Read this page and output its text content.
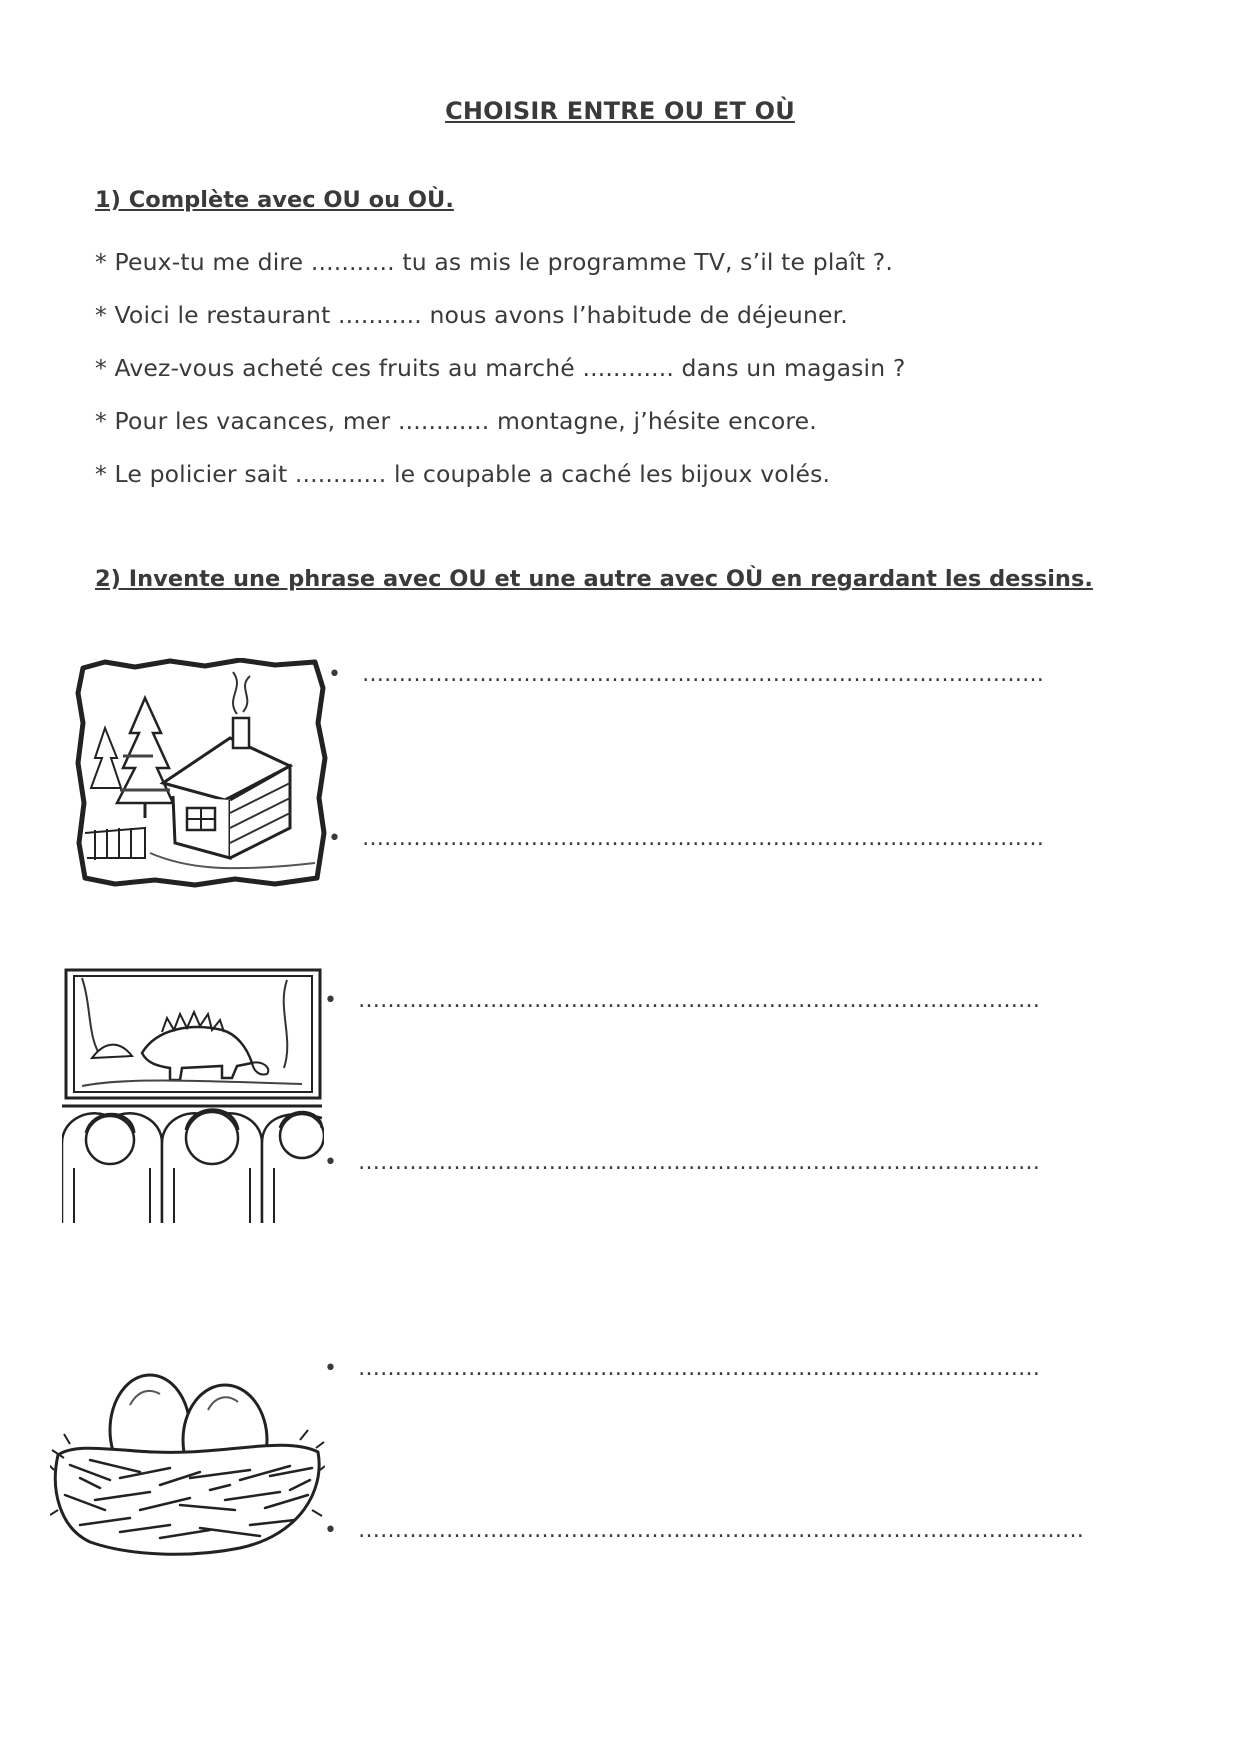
CHOISIR ENTRE OU ET OÙ
1) Complète avec OU ou OÙ.
* Peux-tu me dire ........... tu as mis le programme TV, s’il te plaît ?.
* Voici le restaurant ........... nous avons l’habitude de déjeuner.
* Avez-vous acheté ces fruits au marché ............ dans un magasin ?
* Pour les vacances, mer ............ montagne, j’hésite encore.
* Le policier sait ............ le coupable a caché les bijoux volés.
2) Invente une phrase avec OU et une autre avec OÙ en regardant les dessins.
• …………………………………………………………………………………
• …………………………………………………………………………………
• …………………………………………………………………………………
• …………………………………………………………………………………
• …………………………………………………………………………………
• ………………………………………………………………………………………
